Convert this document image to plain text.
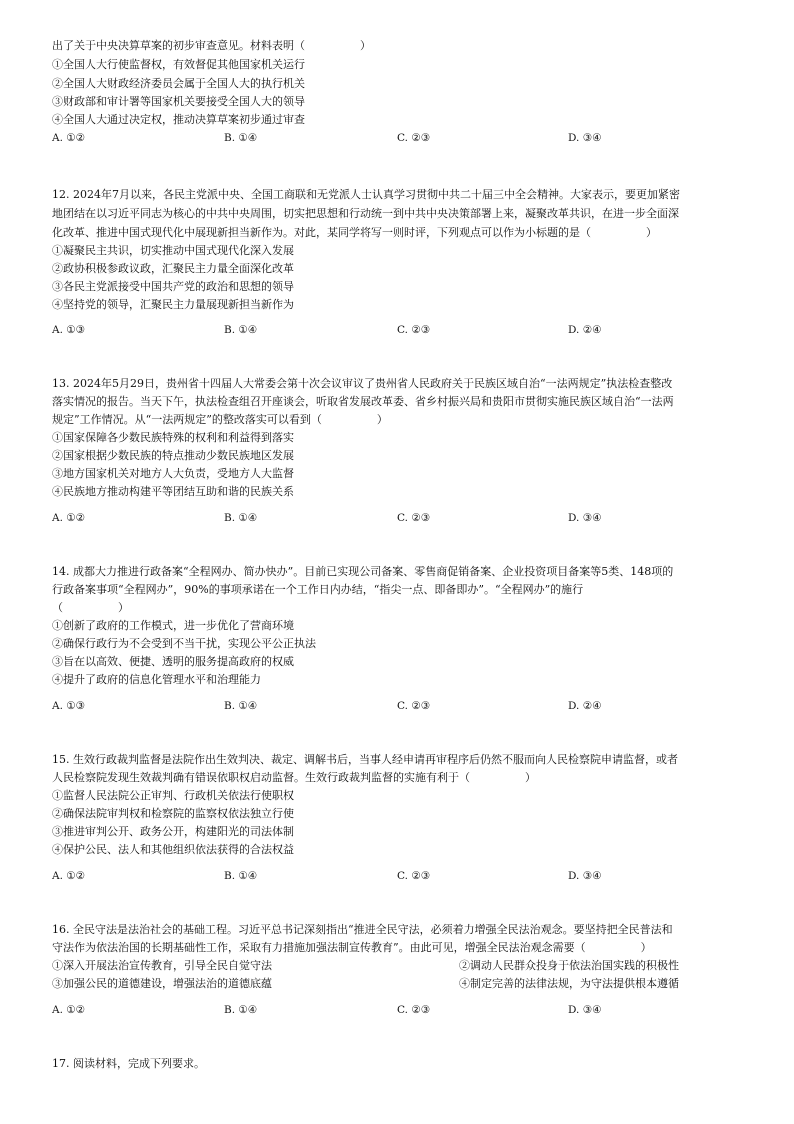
出了关于中央决算草案的初步审查意见。材料表明（　　　　　）
①全国人大行使监督权，有效督促其他国家机关运行
②全国人大财政经济委员会属于全国人大的执行机关
③财政部和审计署等国家机关要接受全国人大的领导
④全国人大通过决定权，推动决算草案初步通过审查
A. ①②	B. ①④	C. ②③	D. ③④
12. 2024年7月以来，各民主党派中央、全国工商联和无党派人士认真学习贯彻中共二十届三中全会精神。大家表示，要更加紧密
地团结在以习近平同志为核心的中共中央周围，切实把思想和行动统一到中共中央决策部署上来，凝聚改革共识，在进一步全面深
化改革、推进中国式现代化中展现新担当新作为。对此，某同学将写一则时评，下列观点可以作为小标题的是（　　　　　）
①凝聚民主共识，切实推动中国式现代化深入发展
②政协积极参政议政，汇聚民主力量全面深化改革
③各民主党派接受中国共产党的政治和思想的领导
④坚持党的领导，汇聚民主力量展现新担当新作为
A. ①③	B. ①④	C. ②③	D. ②④
13. 2024年5月29日，贵州省十四届人大常委会第十次会议审议了贵州省人民政府关于民族区域自治“一法两规定”执法检查整改
落实情况的报告。当天下午，执法检查组召开座谈会，听取省发展改革委、省乡村振兴局和贵阳市贯彻实施民族区域自治“一法两
规定”工作情况。从“一法两规定”的整改落实可以看到（　　　　　）
①国家保障各少数民族特殊的权利和利益得到落实
②国家根据少数民族的特点推动少数民族地区发展
③地方国家机关对地方人大负责，受地方人大监督
④民族地方推动构建平等团结互助和谐的民族关系
A. ①②	B. ①④	C. ②③	D. ③④
14. 成都大力推进行政备案“全程网办、简办快办”。目前已实现公司备案、零售商促销备案、企业投资项目备案等5类、148项的
行政备案事项“全程网办”，90%的事项承诺在一个工作日内办结，“指尖一点、即备即办”。“全程网办”的施行
（　　　　　）
①创新了政府的工作模式，进一步优化了营商环境
②确保行政行为不会受到不当干扰，实现公平公正执法
③旨在以高效、便捷、透明的服务提高政府的权威
④提升了政府的信息化管理水平和治理能力
A. ①③	B. ①④	C. ②③	D. ②④
15. 生效行政裁判监督是法院作出生效判决、裁定、调解书后，当事人经申请再审程序后仍然不服而向人民检察院申请监督，或者
人民检察院发现生效裁判确有错误依职权启动监督。生效行政裁判监督的实施有利于（　　　　　）
①监督人民法院公正审判、行政机关依法行使职权
②确保法院审判权和检察院的监察权依法独立行使
③推进审判公开、政务公开，构建阳光的司法体制
④保护公民、法人和其他组织依法获得的合法权益
A. ①②	B. ①④	C. ②③	D. ③④
16. 全民守法是法治社会的基础工程。习近平总书记深刻指出“推进全民守法，必须着力增强全民法治观念。要坚持把全民普法和
守法作为依法治国的长期基础性工作，采取有力措施加强法制宣传教育”。由此可见，增强全民法治观念需要（　　　　　）
①深入开展法治宣传教育，引导全民自觉守法	②调动人民群众投身于依法治国实践的积极性
③加强公民的道德建设，增强法治的道德底蕴	④制定完善的法律法规，为守法提供根本遵循
A. ①②	B. ①④	C. ②③	D. ③④
17. 阅读材料，完成下列要求。
